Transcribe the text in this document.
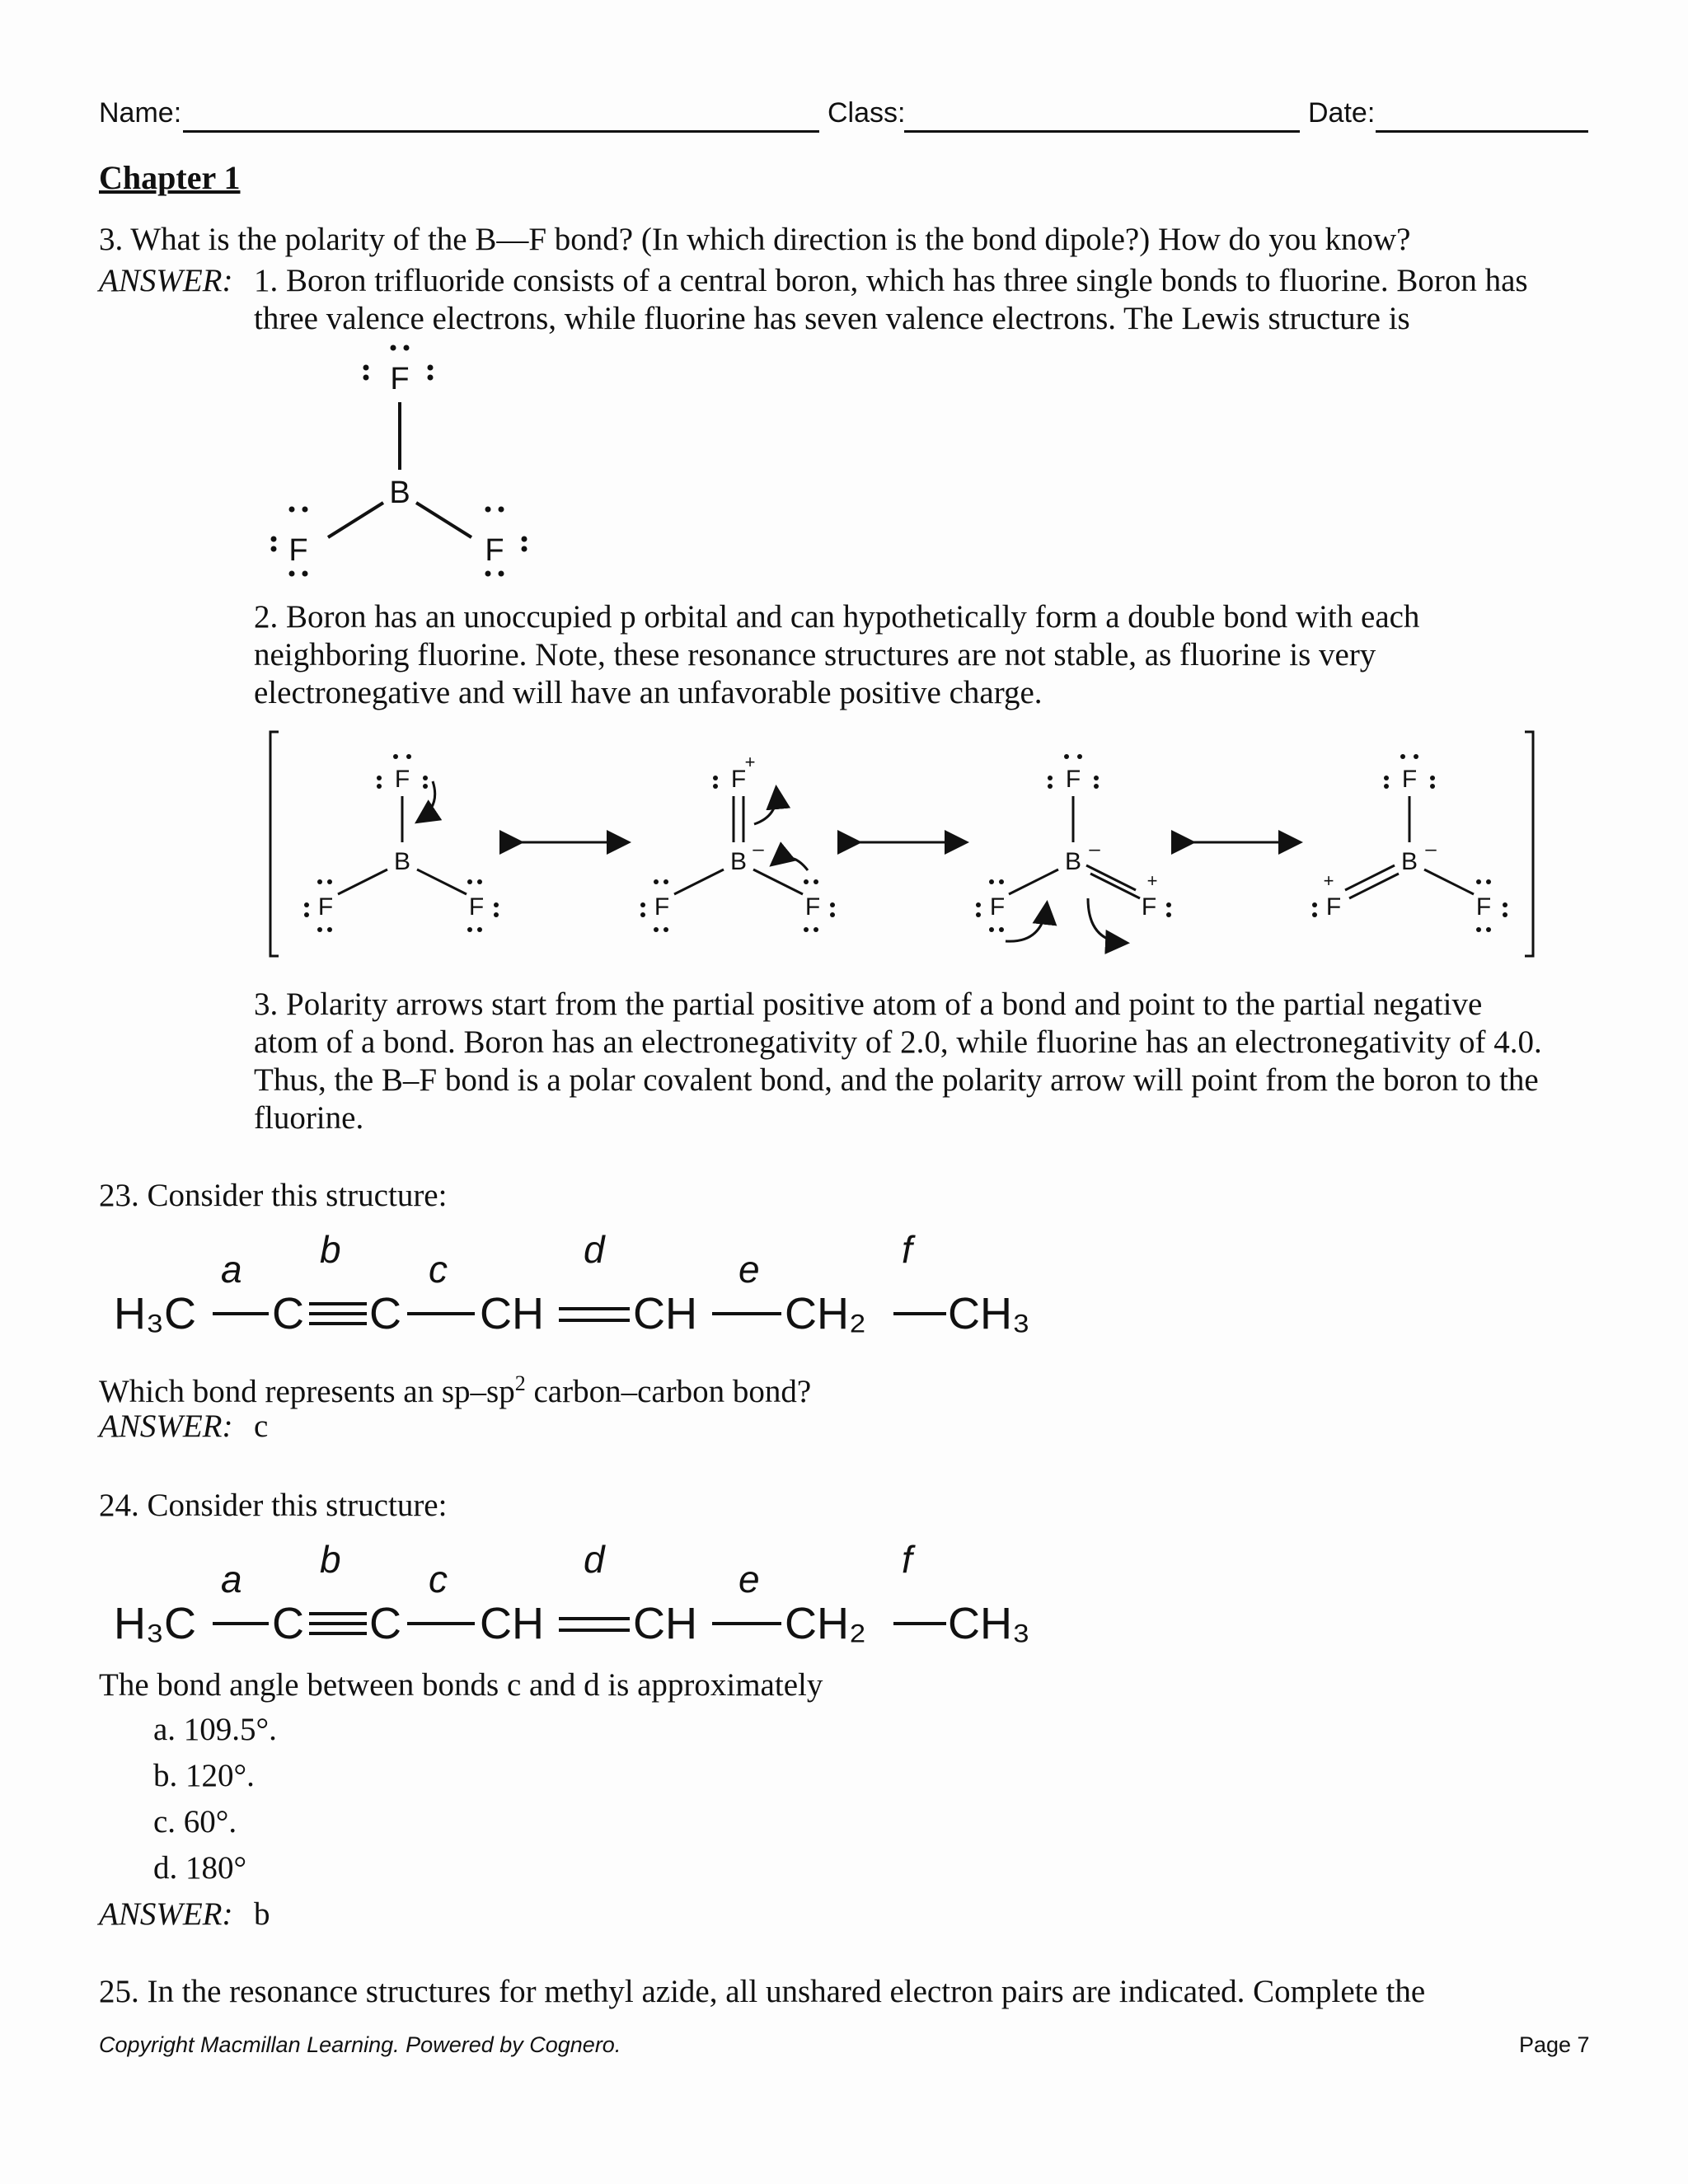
Name:	Class:	Date:
Chapter 1
3. What is the polarity of the B—F bond? (In which direction is the bond dipole?) How do you know?
ANSWER: 1. Boron trifluoride consists of a central boron, which has three single bonds to fluorine. Boron has
three valence electrons, while fluorine has seven valence electrons. The Lewis structure is
F
B
F	F
2. Boron has an unoccupied p orbital and can hypothetically form a double bond with each
neighboring fluorine. Note, these resonance structures are not stable, as fluorine is very
electronegative and will have an unfavorable positive charge.
F
B
F	F
F
+
B –
F	F
F
B –
F	F
+
F
B –
F
+
F
3. Polarity arrows start from the partial positive atom of a bond and point to the partial negative
atom of a bond. Boron has an electronegativity of 2.0, while fluorine has an electronegativity of 4.0.
Thus, the B–F bond is a polar covalent bond, and the polarity arrow will point from the boron to the
fluorine.
23. Consider this structure:
H₃C C C CH CH CH₂ CH₃
a b c	d	e	f
Which bond represents an $sp-sp^2$ carbon–carbon bond?
ANSWER: c
24. Consider this structure:
H₃C C C CH CH CH₂ CH₃
a b c	d	e	f
The bond angle between bonds c and d is approximately
a. 109.5°.
b. 120°.
c. 60°.
d. 180°
ANSWER: b
25. In the resonance structures for methyl azide, all unshared electron pairs are indicated. Complete the
Copyright Macmillan Learning. Powered by Cognero.	Page 7
